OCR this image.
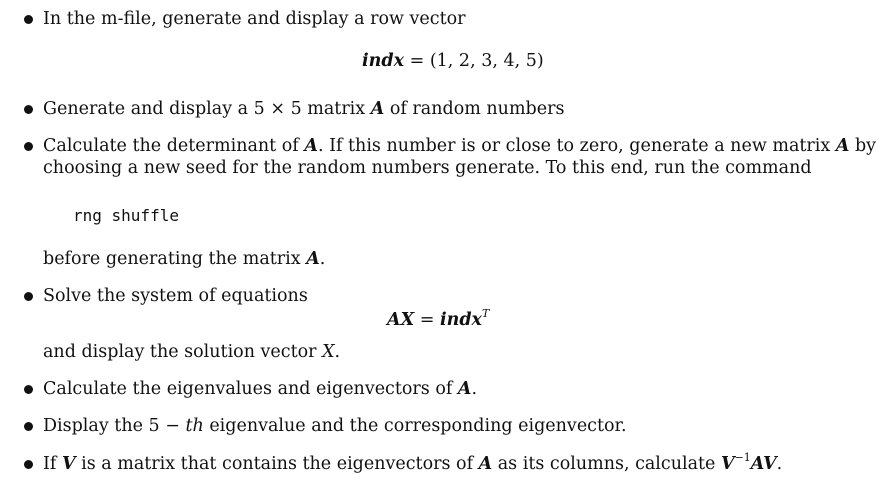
In the m-file, generate and display a row vector
indx = (1, 2, 3, 4, 5)
Generate and display a 5 × 5 matrix A of random numbers
Calculate the determinant of A. If this number is or close to zero, generate a new matrix A by
choosing a new seed for the random numbers generate. To this end, run the command
rng shuffle
before generating the matrix A.
Solve the system of equations
AX = indx$^T$
and display the solution vector X.
Calculate the eigenvalues and eigenvectors of A.
Display the 5 − th eigenvalue and the corresponding eigenvector.
If V is a matrix that contains the eigenvectors of A as its columns, calculate $V^{-1}AV$.
